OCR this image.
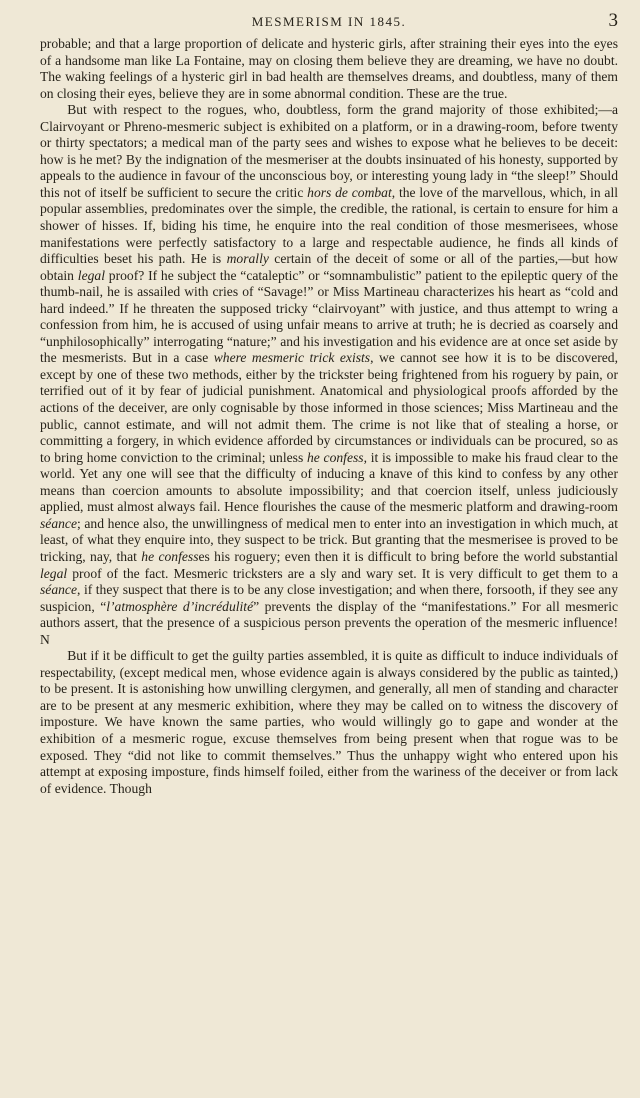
MESMERISM IN 1845.	3

probable; and that a large proportion of delicate and hysteric girls, after straining their eyes into the eyes of a handsome man like La Fontaine, may on closing them believe they are dreaming, we have no doubt. The waking feelings of a hysteric girl in bad health are themselves dreams, and doubtless, many of them on closing their eyes, believe they are in some abnormal condition. These are the true.

But with respect to the rogues, who, doubtless, form the grand majority of those exhibited;—a Clairvoyant or Phreno-mesmeric subject is exhibited on a platform, or in a drawing-room, before twenty or thirty spectators; a medical man of the party sees and wishes to expose what he believes to be deceit: how is he met? By the indignation of the mesmeriser at the doubts insinuated of his honesty, supported by appeals to the audience in favour of the unconscious boy, or interesting young lady in “the sleep!” Should this not of itself be sufficient to secure the critic hors de combat, the love of the marvellous, which, in all popular assemblies, predominates over the simple, the credible, the rational, is certain to ensure for him a shower of hisses. If, biding his time, he enquire into the real condition of those mesmerisees, whose manifestations were perfectly satisfactory to a large and respectable audience, he finds all kinds of difficulties beset his path. He is morally certain of the deceit of some or all of the parties,—but how obtain legal proof? If he subject the “cataleptic” or “somnambulistic” patient to the epileptic query of the thumb-nail, he is assailed with cries of “Savage!” or Miss Martineau characterizes his heart as “cold and hard indeed.” If he threaten the supposed tricky “clairvoyant” with justice, and thus attempt to wring a confession from him, he is accused of using unfair means to arrive at truth; he is decried as coarsely and “unphilosophically” interrogating “nature;” and his investigation and his evidence are at once set aside by the mesmerists. But in a case where mesmeric trick exists, we cannot see how it is to be discovered, except by one of these two methods, either by the trickster being frightened from his roguery by pain, or terrified out of it by fear of judicial punishment. Anatomical and physiological proofs afforded by the actions of the deceiver, are only cognisable by those informed in those sciences; Miss Martineau and the public, cannot estimate, and will not admit them. The crime is not like that of stealing a horse, or committing a forgery, in which evidence afforded by circumstances or individuals can be procured, so as to bring home conviction to the criminal; unless he confess, it is impossible to make his fraud clear to the world. Yet any one will see that the difficulty of inducing a knave of this kind to confess by any other means than coercion amounts to absolute impossibility; and that coercion itself, unless judiciously applied, must almost always fail. Hence flourishes the cause of the mesmeric platform and drawing-room séance; and hence also, the unwillingness of medical men to enter into an investigation in which much, at least, of what they enquire into, they suspect to be trick. But granting that the mesmerisee is proved to be tricking, nay, that he confesses his roguery; even then it is difficult to bring before the world substantial legal proof of the fact. Mesmeric tricksters are a sly and wary set. It is very difficult to get them to a séance, if they suspect that there is to be any close investigation; and when there, forsooth, if they see any suspicion, “l’atmosphère d’incrédulité” prevents the display of the “manifestations.” For all mesmeric authors assert, that the presence of a suspicious person prevents the operation of the mesmeric influence! N

But if it be difficult to get the guilty parties assembled, it is quite as difficult to induce individuals of respectability, (except medical men, whose evidence again is always considered by the public as tainted,) to be present. It is astonishing how unwilling clergymen, and generally, all men of standing and character are to be present at any mesmeric exhibition, where they may be called on to witness the discovery of imposture. We have known the same parties, who would willingly go to gape and wonder at the exhibition of a mesmeric rogue, excuse themselves from being present when that rogue was to be exposed. They “did not like to commit themselves.” Thus the unhappy wight who entered upon his attempt at exposing imposture, finds himself foiled, either from the wariness of the deceiver or from lack of evidence. Though
